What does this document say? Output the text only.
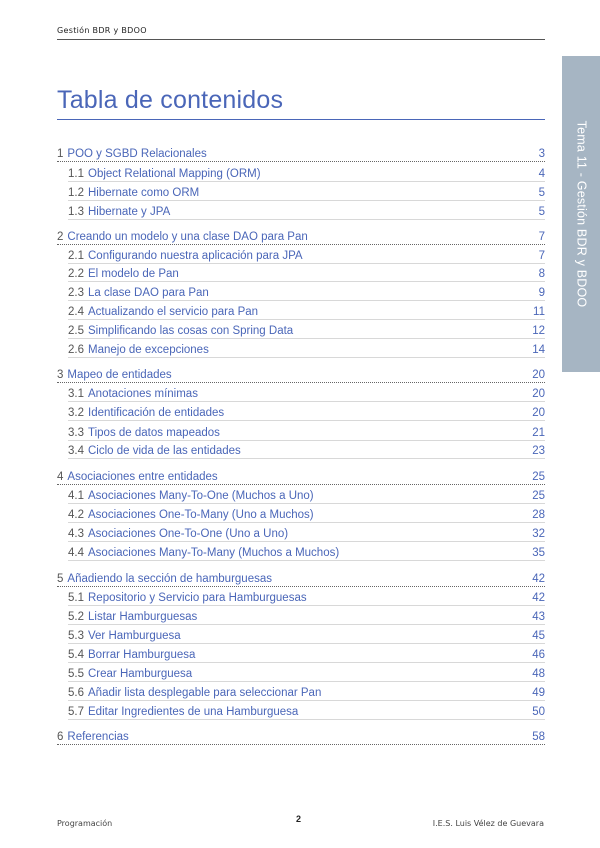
Gestión BDR y BDOO
Tema 11 - Gestión BDR y BDOO
Tabla de contenidos
1 POO y SGBD Relacionales	3
1.1 Object Relational Mapping (ORM)	4
1.2 Hibernate como ORM	5
1.3 Hibernate y JPA	5
2 Creando un modelo y una clase DAO para Pan	7
2.1 Configurando nuestra aplicación para JPA	7
2.2 El modelo de Pan	8
2.3 La clase DAO para Pan	9
2.4 Actualizando el servicio para Pan	11
2.5 Simplificando las cosas con Spring Data	12
2.6 Manejo de excepciones	14
3 Mapeo de entidades	20
3.1 Anotaciones mínimas	20
3.2 Identificación de entidades	20
3.3 Tipos de datos mapeados	21
3.4 Ciclo de vida de las entidades	23
4 Asociaciones entre entidades	25
4.1 Asociaciones Many-To-One (Muchos a Uno)	25
4.2 Asociaciones One-To-Many (Uno a Muchos)	28
4.3 Asociaciones One-To-One (Uno a Uno)	32
4.4 Asociaciones Many-To-Many (Muchos a Muchos)	35
5 Añadiendo la sección de hamburguesas	42
5.1 Repositorio y Servicio para Hamburguesas	42
5.2 Listar Hamburguesas	43
5.3 Ver Hamburguesa	45
5.4 Borrar Hamburguesa	46
5.5 Crear Hamburguesa	48
5.6 Añadir lista desplegable para seleccionar Pan	49
5.7 Editar Ingredientes de una Hamburguesa	50
6 Referencias	58
Programación	2	I.E.S. Luis Vélez de Guevara
